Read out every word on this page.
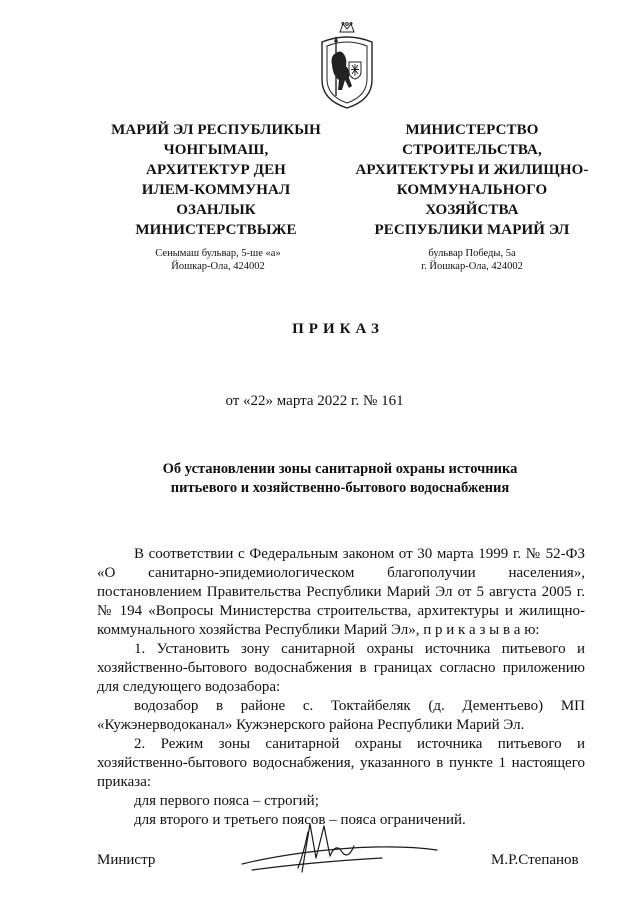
МАРИЙ ЭЛ РЕСПУБЛИКЫН
ЧОНГЫМАШ,
АРХИТЕКТУР ДЕН
ИЛЕМ-КОММУНАЛ
ОЗАНЛЫК
МИНИСТЕРСТВЫЖЕ
МИНИСТЕРСТВО
СТРОИТЕЛЬСТВА,
АРХИТЕКТУРЫ И ЖИЛИЩНО-
КОММУНАЛЬНОГО
ХОЗЯЙСТВА
РЕСПУБЛИКИ МАРИЙ ЭЛ
Сенымаш бульвар, 5-ше «а»
Йошкар-Ола, 424002
бульвар Победы, 5а
г. Йошкар-Ола, 424002
ПРИКАЗ
от «22» марта 2022 г. № 161
Об установлении зоны санитарной охраны источника
питьевого и хозяйственно-бытового водоснабжения

В соответствии с Федеральным законом от 30 марта 1999 г. № 52-ФЗ «О санитарно-эпидемиологическом благополучии населения», постановлением Правительства Республики Марий Эл от 5 августа 2005 г. № 194 «Вопросы Министерства строительства, архитектуры и жилищно-коммунального хозяйства Республики Марий Эл», п р и к а з ы в а ю:

1. Установить зону санитарной охраны источника питьевого и хозяйственно-бытового водоснабжения в границах согласно приложению для следующего водозабора:

водозабор в районе с. Токтайбеляк (д. Дементьево) МП «Кужэнерводоканал» Кужэнерского района Республики Марий Эл.

2. Режим зоны санитарной охраны источника питьевого и хозяйственно-бытового водоснабжения, указанного в пункте 1 настоящего приказа:

для первого пояса – строгий;

для второго и третьего поясов – пояса ограничений.

Министр	М.Р.Степанов
